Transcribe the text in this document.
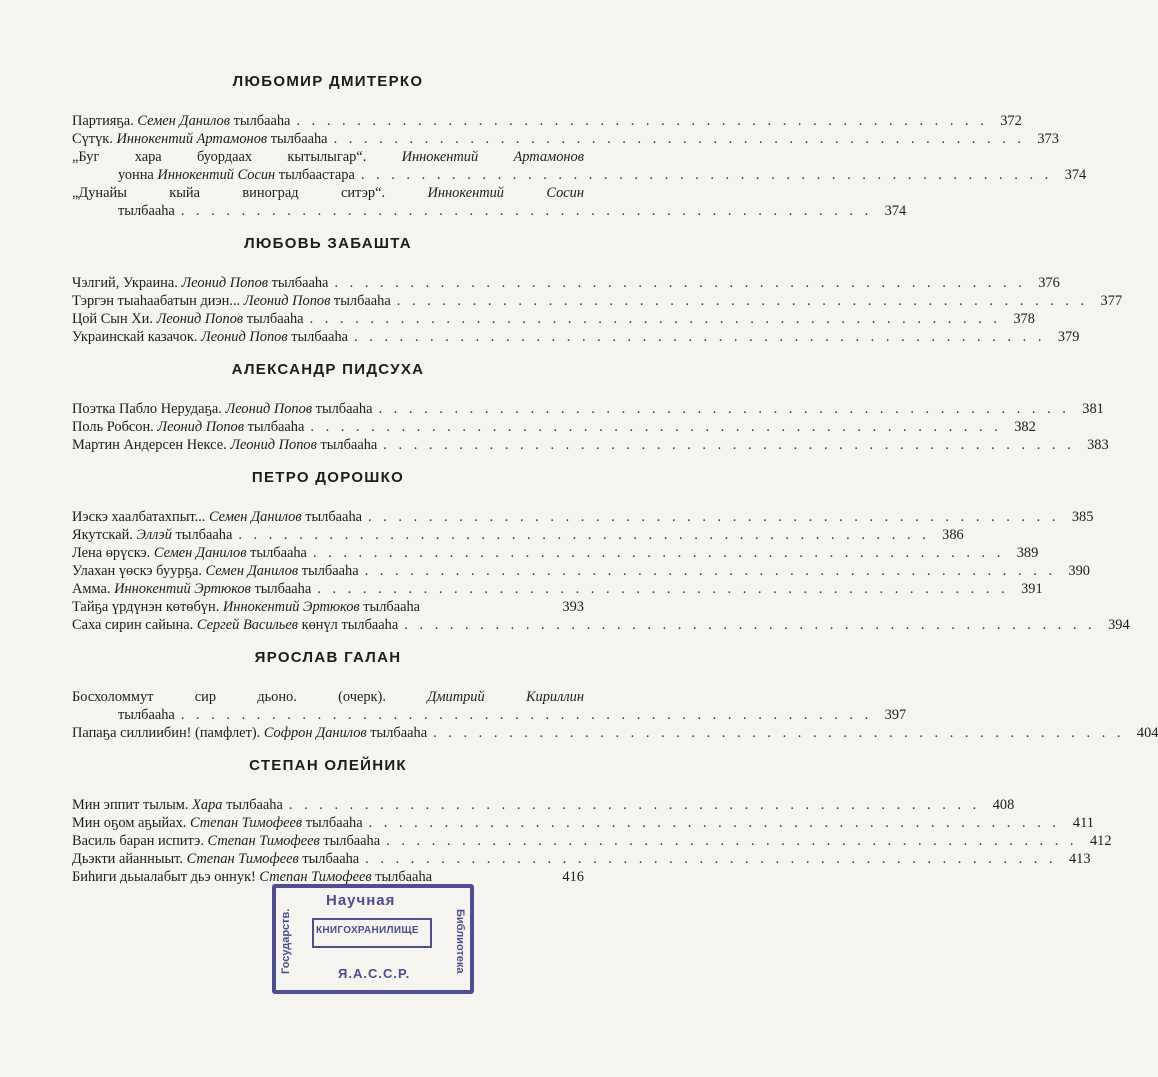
ЛЮБОМИР ДМИТЕРКО
Партияҕа. Семен Данилов тылбааһа . . . . . . . . . . . . . . . . . . . . . . . . . . . . . . . . . . . . . . . . . . . . . . 372
Сүтүк. Иннокентий Артамонов тылбааһа . . . . . . . . . . . . . . . . . . . . . . . . . . . . . . . . . . . . . . . . . . . . . . 373
„Буг хара буордаах кытылыгар“. Иннокентий Артамонов
уонна Иннокентий Сосин тылбаастара . . . . . . . . . . . . . . . . . . . . . . . . . . . . . . . . . . . . . . . . . . . . . . 374
„Дунайы кыйа виноград ситэр“. Иннокентий Сосин
тылбааһа . . . . . . . . . . . . . . . . . . . . . . . . . . . . . . . . . . . . . . . . . . . . . . 374
ЛЮБОВЬ ЗАБАШТА
Чэлгий, Украина. Леонид Попов тылбааһа . . . . . . . . . . . . . . . . . . . . . . . . . . . . . . . . . . . . . . . . . . . . . . 376
Тэргэн тыаһаабатын диэн... Леонид Попов тылбааһа . . . . . . . . . . . . . . . . . . . . . . . . . . . . . . . . . . . . . . . . . . . . . . 377
Цой Сын Хи. Леонид Попов тылбааһа . . . . . . . . . . . . . . . . . . . . . . . . . . . . . . . . . . . . . . . . . . . . . . 378
Украинскай казачок. Леонид Попов тылбааһа . . . . . . . . . . . . . . . . . . . . . . . . . . . . . . . . . . . . . . . . . . . . . . 379
АЛЕКСАНДР ПИДСУХА
Поэтка Пабло Нерудаҕа. Леонид Попов тылбааһа . . . . . . . . . . . . . . . . . . . . . . . . . . . . . . . . . . . . . . . . . . . . . . 381
Поль Робсон. Леонид Попов тылбааһа . . . . . . . . . . . . . . . . . . . . . . . . . . . . . . . . . . . . . . . . . . . . . . 382
Мартин Андерсен Нексе. Леонид Попов тылбааһа . . . . . . . . . . . . . . . . . . . . . . . . . . . . . . . . . . . . . . . . . . . . . . 383
ПЕТРО ДОРОШКО
Иэскэ хаалбатахпыт... Семен Данилов тылбааһа . . . . . . . . . . . . . . . . . . . . . . . . . . . . . . . . . . . . . . . . . . . . . . 385
Якутскай. Эллэй тылбааһа . . . . . . . . . . . . . . . . . . . . . . . . . . . . . . . . . . . . . . . . . . . . . . 386
Лена өрүскэ. Семен Данилов тылбааһа . . . . . . . . . . . . . . . . . . . . . . . . . . . . . . . . . . . . . . . . . . . . . . 389
Улахан үөскэ буурҕа. Семен Данилов тылбааһа . . . . . . . . . . . . . . . . . . . . . . . . . . . . . . . . . . . . . . . . . . . . . . 390
Амма. Иннокентий Эртюков тылбааһа . . . . . . . . . . . . . . . . . . . . . . . . . . . . . . . . . . . . . . . . . . . . . . 391
Тайҕа үрдүнэн көтөбүн. Иннокентий Эртюков тылбааһа	393
Саха сирин сайына. Сергей Васильев көнүл тылбааһа . . . . . . . . . . . . . . . . . . . . . . . . . . . . . . . . . . . . . . . . . . . . . . 394
ЯРОСЛАВ ГАЛАН
Босхоломмут сир дьоно. (очерк). Дмитрий Кириллин
тылбааһа . . . . . . . . . . . . . . . . . . . . . . . . . . . . . . . . . . . . . . . . . . . . . . 397
Папаҕа силлиибин! (памфлет). Софрон Данилов тылбааһа . . . . . . . . . . . . . . . . . . . . . . . . . . . . . . . . . . . . . . . . . . . . . . 404
СТЕПАН ОЛЕЙНИК
Мин эппит тылым. Хара тылбааһа . . . . . . . . . . . . . . . . . . . . . . . . . . . . . . . . . . . . . . . . . . . . . . 408
Мин оҕом аҕыйах. Степан Тимофеев тылбааһа . . . . . . . . . . . . . . . . . . . . . . . . . . . . . . . . . . . . . . . . . . . . . . 411
Василь баран испитэ. Степан Тимофеев тылбааһа . . . . . . . . . . . . . . . . . . . . . . . . . . . . . . . . . . . . . . . . . . . . . . 412
Дьэкти айанныыт. Степан Тимофеев тылбааһа . . . . . . . . . . . . . . . . . . . . . . . . . . . . . . . . . . . . . . . . . . . . . . 413
Биһиги дьыалабыт дьэ оннук! Степан Тимофеев тылбааһа	416
Научная
КНИГОХРАНИЛИЩЕ
Я.А.С.С.Р.
Государств.	Библиотека
